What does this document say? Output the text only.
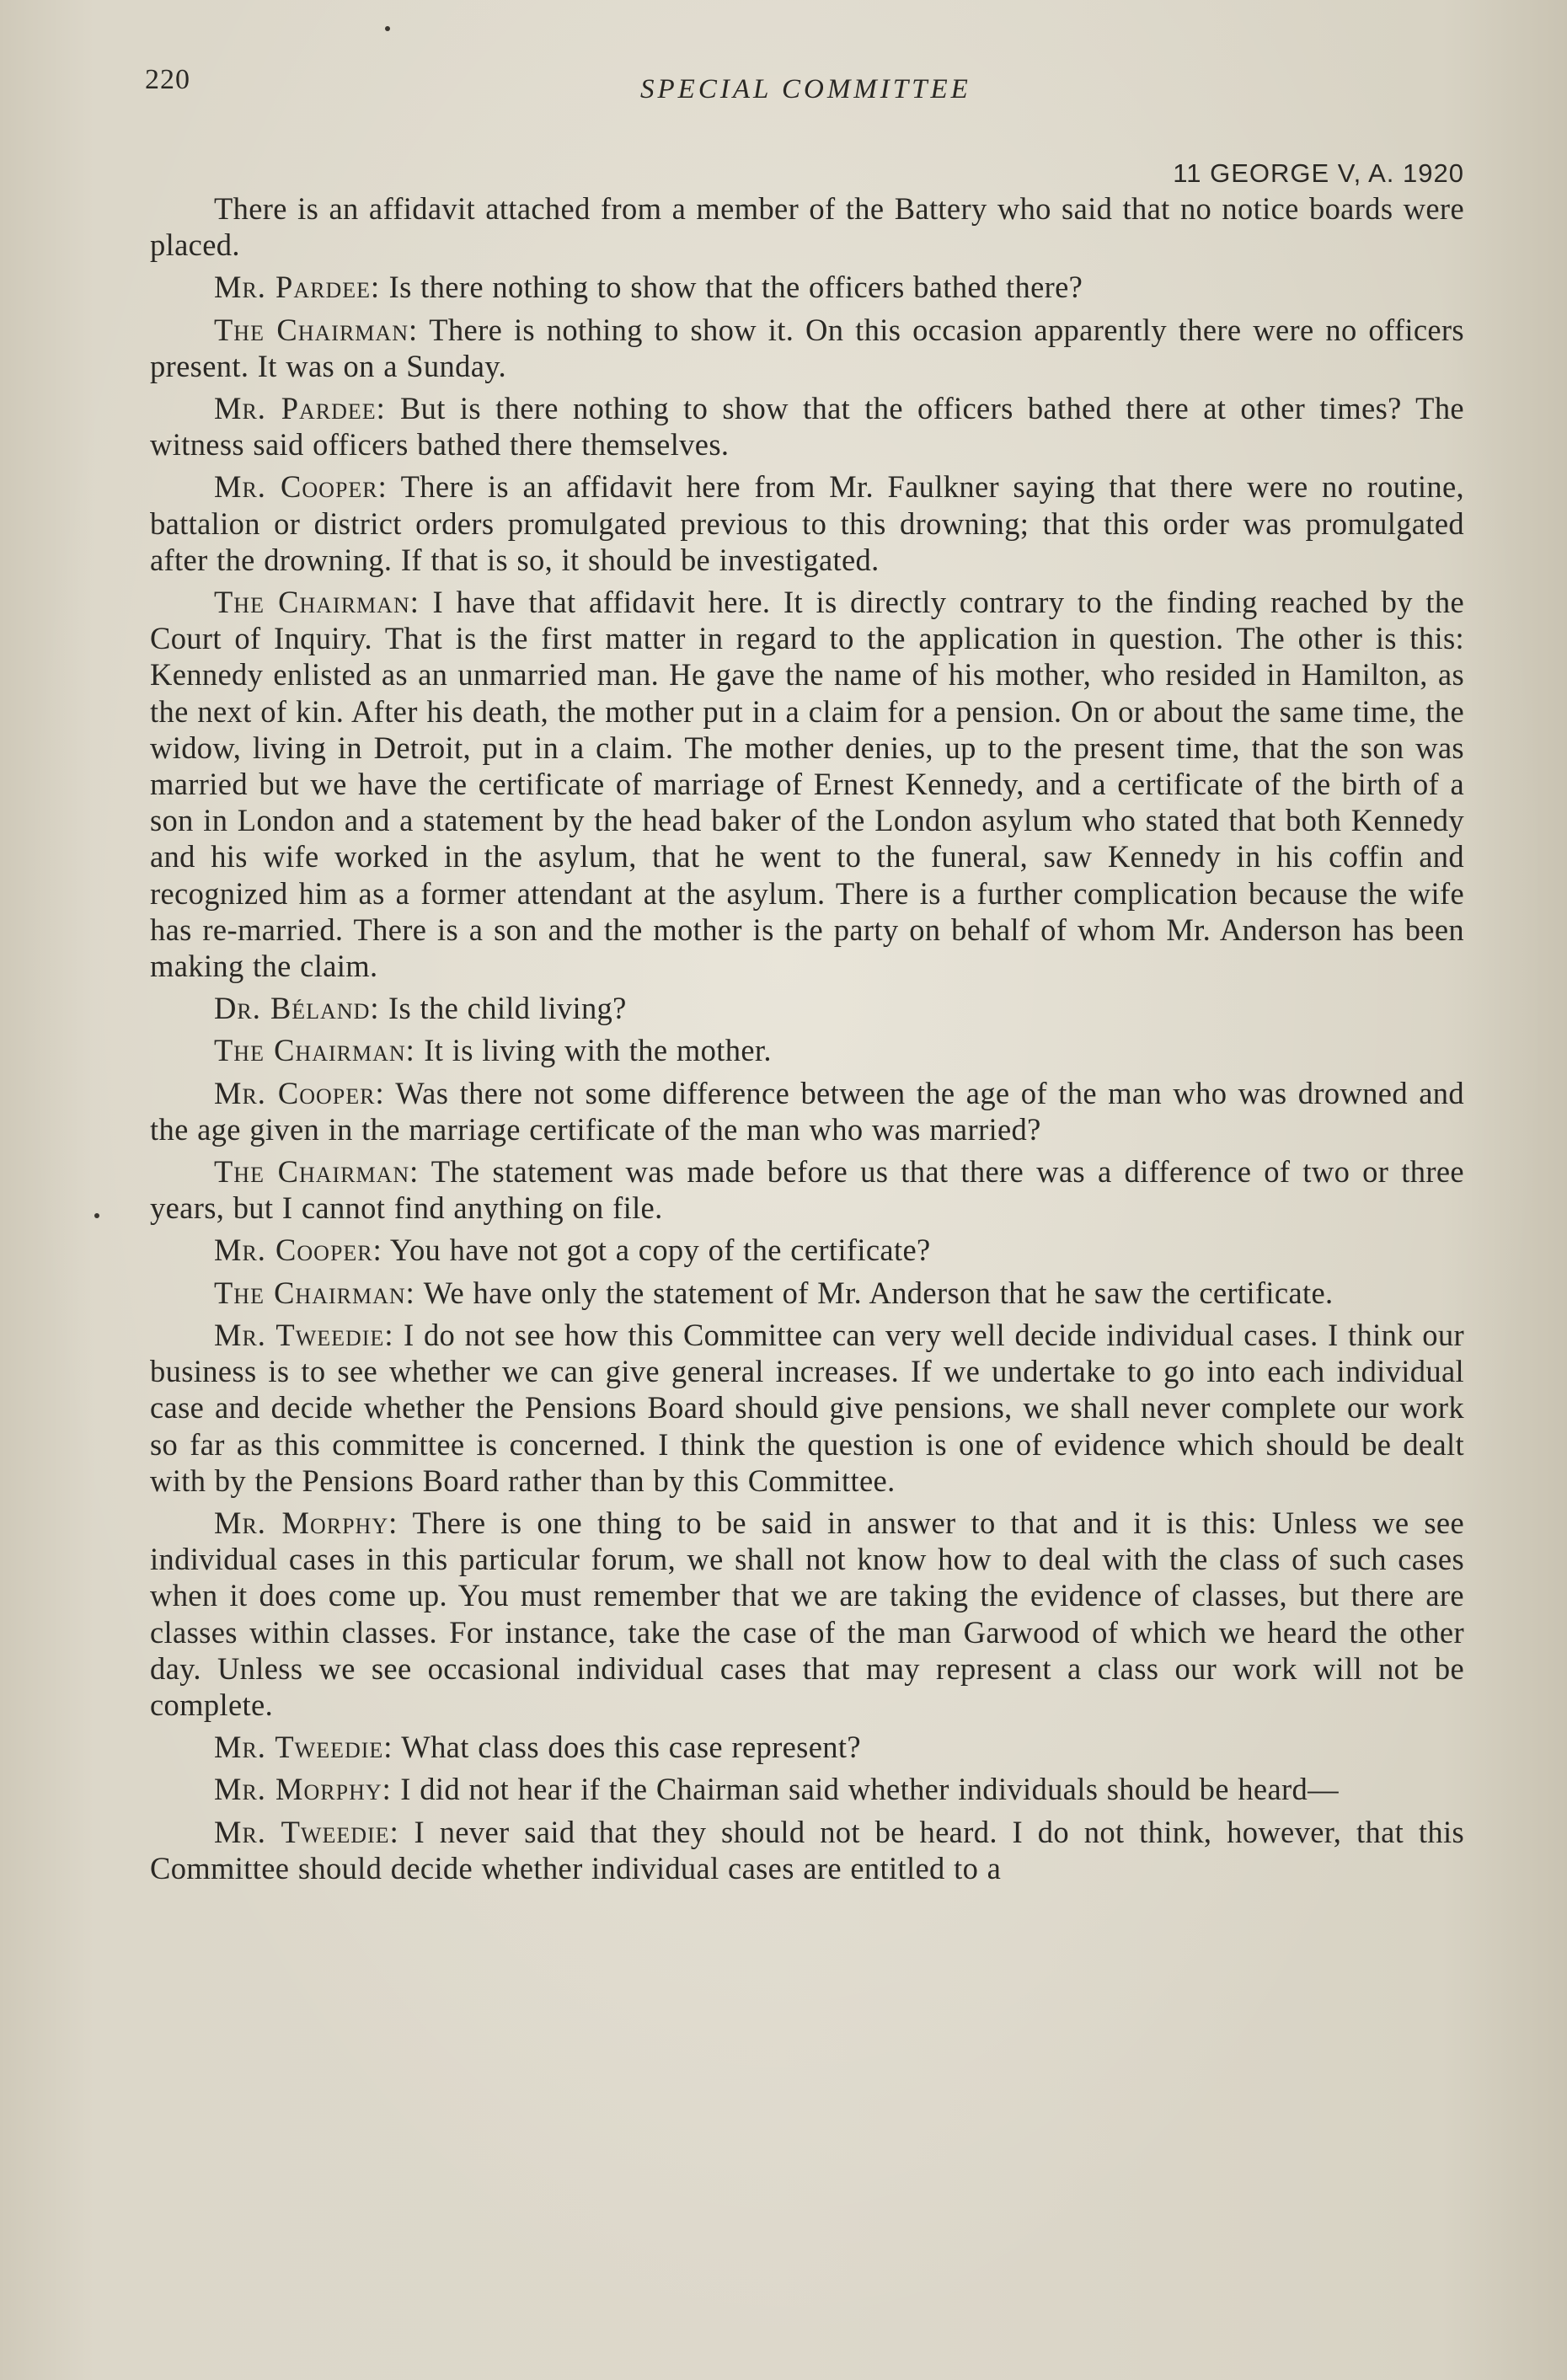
220	SPECIAL COMMITTEE
11 GEORGE V, A. 1920

There is an affidavit attached from a member of the Battery who said that no notice boards were placed.

Mr. Pardee: Is there nothing to show that the officers bathed there?

The Chairman: There is nothing to show it. On this occasion apparently there were no officers present. It was on a Sunday.

Mr. Pardee: But is there nothing to show that the officers bathed there at other times? The witness said officers bathed there themselves.

Mr. Cooper: There is an affidavit here from Mr. Faulkner saying that there were no routine, battalion or district orders promulgated previous to this drowning; that this order was promulgated after the drowning. If that is so, it should be investigated.

The Chairman: I have that affidavit here. It is directly contrary to the finding reached by the Court of Inquiry. That is the first matter in regard to the application in question. The other is this: Kennedy enlisted as an unmarried man. He gave the name of his mother, who resided in Hamilton, as the next of kin. After his death, the mother put in a claim for a pension. On or about the same time, the widow, living in Detroit, put in a claim. The mother denies, up to the present time, that the son was married but we have the certificate of marriage of Ernest Kennedy, and a certificate of the birth of a son in London and a statement by the head baker of the London asylum who stated that both Kennedy and his wife worked in the asylum, that he went to the funeral, saw Kennedy in his coffin and recognized him as a former attendant at the asylum. There is a further complication because the wife has re-married. There is a son and the mother is the party on behalf of whom Mr. Anderson has been making the claim.

Dr. Béland: Is the child living?

The Chairman: It is living with the mother.

Mr. Cooper: Was there not some difference between the age of the man who was drowned and the age given in the marriage certificate of the man who was married?

The Chairman: The statement was made before us that there was a difference of two or three years, but I cannot find anything on file.

Mr. Cooper: You have not got a copy of the certificate?

The Chairman: We have only the statement of Mr. Anderson that he saw the certificate.

Mr. Tweedie: I do not see how this Committee can very well decide individual cases. I think our business is to see whether we can give general increases. If we undertake to go into each individual case and decide whether the Pensions Board should give pensions, we shall never complete our work so far as this committee is concerned. I think the question is one of evidence which should be dealt with by the Pensions Board rather than by this Committee.

Mr. Morphy: There is one thing to be said in answer to that and it is this: Unless we see individual cases in this particular forum, we shall not know how to deal with the class of such cases when it does come up. You must remember that we are taking the evidence of classes, but there are classes within classes. For instance, take the case of the man Garwood of which we heard the other day. Unless we see occasional individual cases that may represent a class our work will not be complete.

Mr. Tweedie: What class does this case represent?

Mr. Morphy: I did not hear if the Chairman said whether individuals should be heard—

Mr. Tweedie: I never said that they should not be heard. I do not think, however, that this Committee should decide whether individual cases are entitled to a
